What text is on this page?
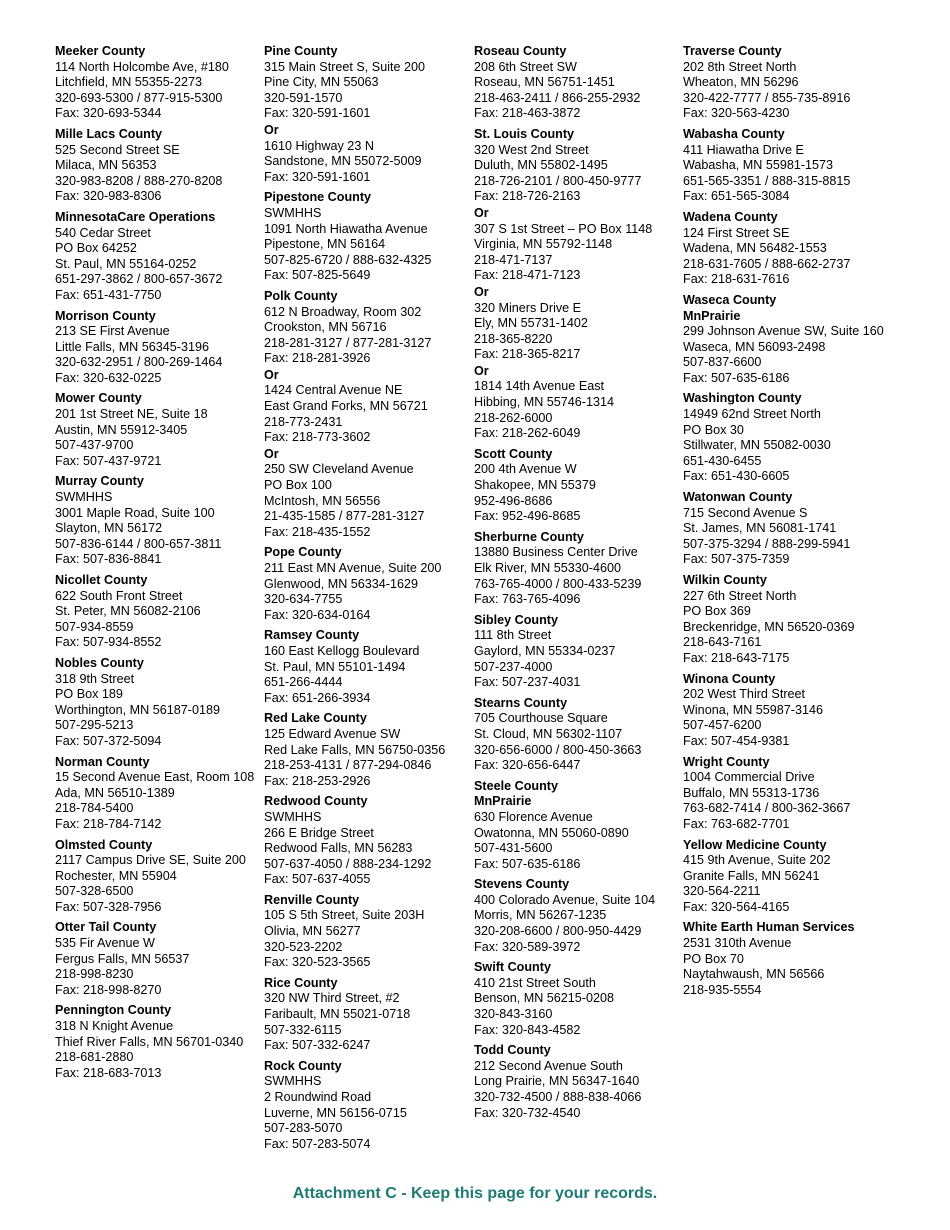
Meeker County
114 North Holcombe Ave, #180
Litchfield, MN 55355-2273
320-693-5300 / 877-915-5300
Fax: 320-693-5344
Mille Lacs County
525 Second Street SE
Milaca, MN 56353
320-983-8208 / 888-270-8208
Fax: 320-983-8306
MinnesotaCare Operations
540 Cedar Street
PO Box 64252
St. Paul, MN 55164-0252
651-297-3862 / 800-657-3672
Fax: 651-431-7750
Morrison County
213 SE First Avenue
Little Falls, MN 56345-3196
320-632-2951 / 800-269-1464
Fax: 320-632-0225
Mower County
201 1st Street NE, Suite 18
Austin, MN 55912-3405
507-437-9700
Fax: 507-437-9721
Murray County
SWMHHS
3001 Maple Road, Suite 100
Slayton, MN 56172
507-836-6144 / 800-657-3811
Fax: 507-836-8841
Nicollet County
622 South Front Street
St. Peter, MN 56082-2106
507-934-8559
Fax: 507-934-8552
Nobles County
318 9th Street
PO Box 189
Worthington, MN 56187-0189
507-295-5213
Fax: 507-372-5094
Norman County
15 Second Avenue East, Room 108
Ada, MN 56510-1389
218-784-5400
Fax: 218-784-7142
Olmsted County
2117 Campus Drive SE, Suite 200
Rochester, MN 55904
507-328-6500
Fax: 507-328-7956
Otter Tail County
535 Fir Avenue W
Fergus Falls, MN 56537
218-998-8230
Fax: 218-998-8270
Pennington County
318 N Knight Avenue
Thief River Falls, MN 56701-0340
218-681-2880
Fax: 218-683-7013
Pine County
315 Main Street S, Suite 200
Pine City, MN 55063
320-591-1570
Fax: 320-591-1601
Or
1610 Highway 23 N
Sandstone, MN 55072-5009
Fax: 320-591-1601
Pipestone County
SWMHHS
1091 North Hiawatha Avenue
Pipestone, MN 56164
507-825-6720 / 888-632-4325
Fax: 507-825-5649
Polk County
612 N Broadway, Room 302
Crookston, MN 56716
218-281-3127 / 877-281-3127
Fax: 218-281-3926
Or
1424 Central Avenue NE
East Grand Forks, MN 56721
218-773-2431
Fax: 218-773-3602
Or
250 SW Cleveland Avenue
PO Box 100
McIntosh, MN 56556
21-435-1585 / 877-281-3127
Fax: 218-435-1552
Pope County
211 East MN Avenue, Suite 200
Glenwood, MN 56334-1629
320-634-7755
Fax: 320-634-0164
Ramsey County
160 East Kellogg Boulevard
St. Paul, MN 55101-1494
651-266-4444
Fax: 651-266-3934
Red Lake County
125 Edward Avenue SW
Red Lake Falls, MN 56750-0356
218-253-4131 / 877-294-0846
Fax: 218-253-2926
Redwood County
SWMHHS
266 E Bridge Street
Redwood Falls, MN 56283
507-637-4050 / 888-234-1292
Fax: 507-637-4055
Renville County
105 S 5th Street, Suite 203H
Olivia, MN 56277
320-523-2202
Fax: 320-523-3565
Rice County
320 NW Third Street, #2
Faribault, MN 55021-0718
507-332-6115
Fax: 507-332-6247
Rock County
SWMHHS
2 Roundwind Road
Luverne, MN 56156-0715
507-283-5070
Fax: 507-283-5074
Roseau County
208 6th Street SW
Roseau, MN 56751-1451
218-463-2411 / 866-255-2932
Fax: 218-463-3872
St. Louis County
320 West 2nd Street
Duluth, MN 55802-1495
218-726-2101 / 800-450-9777
Fax: 218-726-2163
Or
307 S 1st Street – PO Box 1148
Virginia, MN 55792-1148
218-471-7137
Fax: 218-471-7123
Or
320 Miners Drive E
Ely, MN 55731-1402
218-365-8220
Fax: 218-365-8217
Or
1814 14th Avenue East
Hibbing, MN 55746-1314
218-262-6000
Fax: 218-262-6049
Scott County
200 4th Avenue W
Shakopee, MN 55379
952-496-8686
Fax: 952-496-8685
Sherburne County
13880 Business Center Drive
Elk River, MN 55330-4600
763-765-4000 / 800-433-5239
Fax: 763-765-4096
Sibley County
111 8th Street
Gaylord, MN 55334-0237
507-237-4000
Fax: 507-237-4031
Stearns County
705 Courthouse Square
St. Cloud, MN 56302-1107
320-656-6000 / 800-450-3663
Fax: 320-656-6447
Steele County
MnPrairie
630 Florence Avenue
Owatonna, MN 55060-0890
507-431-5600
Fax: 507-635-6186
Stevens County
400 Colorado Avenue, Suite 104
Morris, MN 56267-1235
320-208-6600 / 800-950-4429
Fax: 320-589-3972
Swift County
410 21st Street South
Benson, MN 56215-0208
320-843-3160
Fax: 320-843-4582
Todd County
212 Second Avenue South
Long Prairie, MN 56347-1640
320-732-4500 / 888-838-4066
Fax: 320-732-4540
Traverse County
202 8th Street North
Wheaton, MN 56296
320-422-7777 / 855-735-8916
Fax: 320-563-4230
Wabasha County
411 Hiawatha Drive E
Wabasha, MN 55981-1573
651-565-3351 / 888-315-8815
Fax: 651-565-3084
Wadena County
124 First Street SE
Wadena, MN 56482-1553
218-631-7605 / 888-662-2737
Fax: 218-631-7616
Waseca County
MnPrairie
299 Johnson Avenue SW, Suite 160
Waseca, MN 56093-2498
507-837-6600
Fax: 507-635-6186
Washington County
14949 62nd Street North
PO Box 30
Stillwater, MN 55082-0030
651-430-6455
Fax: 651-430-6605
Watonwan County
715 Second Avenue S
St. James, MN 56081-1741
507-375-3294 / 888-299-5941
Fax: 507-375-7359
Wilkin County
227 6th Street North
PO Box 369
Breckenridge, MN 56520-0369
218-643-7161
Fax: 218-643-7175
Winona County
202 West Third Street
Winona, MN 55987-3146
507-457-6200
Fax: 507-454-9381
Wright County
1004 Commercial Drive
Buffalo, MN 55313-1736
763-682-7414 / 800-362-3667
Fax: 763-682-7701
Yellow Medicine County
415 9th Avenue, Suite 202
Granite Falls, MN 56241
320-564-2211
Fax: 320-564-4165
White Earth Human Services
2531 310th Avenue
PO Box 70
Naytahwaush, MN 56566
218-935-5554
Attachment C - Keep this page for your records.
